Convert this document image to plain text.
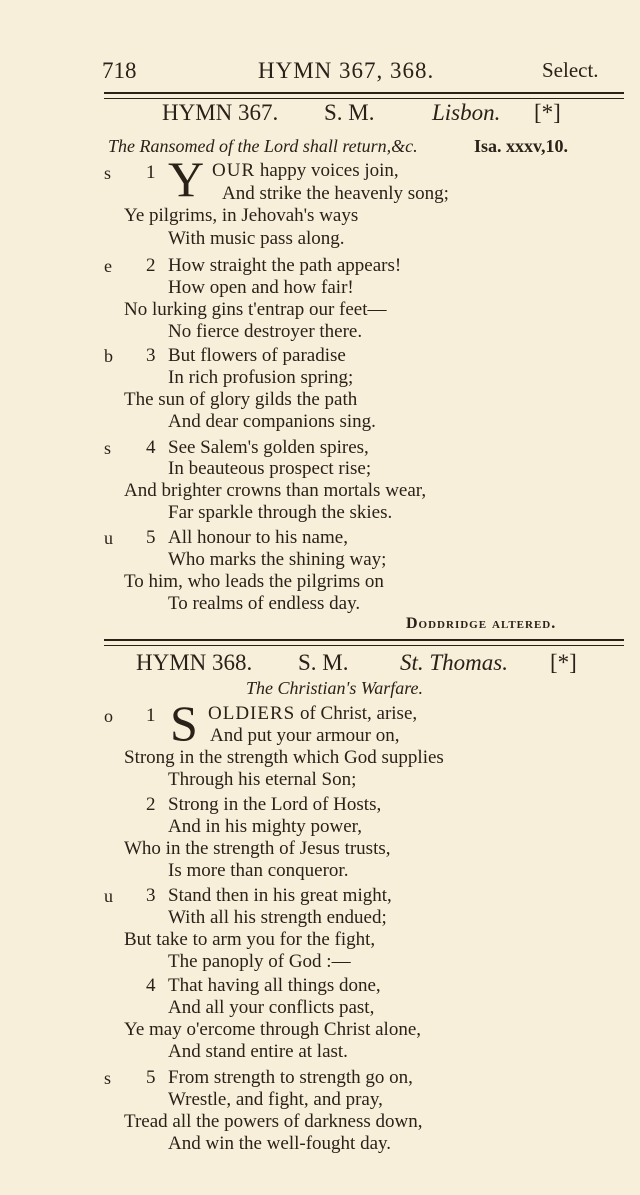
718	HYMN 367, 368.	Select.
HYMN 367. S. M.	Lisbon. [*]
The Ransomed of the Lord shall return,&c.	Isa. xxxv,10.
s 1 Y OUR happy voices join,
And strike the heavenly song;
Ye pilgrims, in Jehovah's ways
With music pass along.
e 2 How straight the path appears!
How open and how fair!
No lurking gins t'entrap our feet—
No fierce destroyer there.
b 3 But flowers of paradise
In rich profusion spring;
The sun of glory gilds the path
And dear companions sing.
s 4 See Salem's golden spires,
In beauteous prospect rise;
And brighter crowns than mortals wear,
Far sparkle through the skies.
u 5 All honour to his name,
Who marks the shining way;
To him, who leads the pilgrims on
To realms of endless day.
Doddridge altered.
HYMN 368. S. M. St. Thomas. [*]
The Christian's Warfare.
o 1 S OLDIERS of Christ, arise,
And put your armour on,
Strong in the strength which God supplies
Through his eternal Son;
2 Strong in the Lord of Hosts,
And in his mighty power,
Who in the strength of Jesus trusts,
Is more than conqueror.
u 3 Stand then in his great might,
With all his strength endued;
But take to arm you for the fight,
The panoply of God :—
4 That having all things done,
And all your conflicts past,
Ye may o'ercome through Christ alone,
And stand entire at last.
s 5 From strength to strength go on,
Wrestle, and fight, and pray,
Tread all the powers of darkness down,
And win the well-fought day.
